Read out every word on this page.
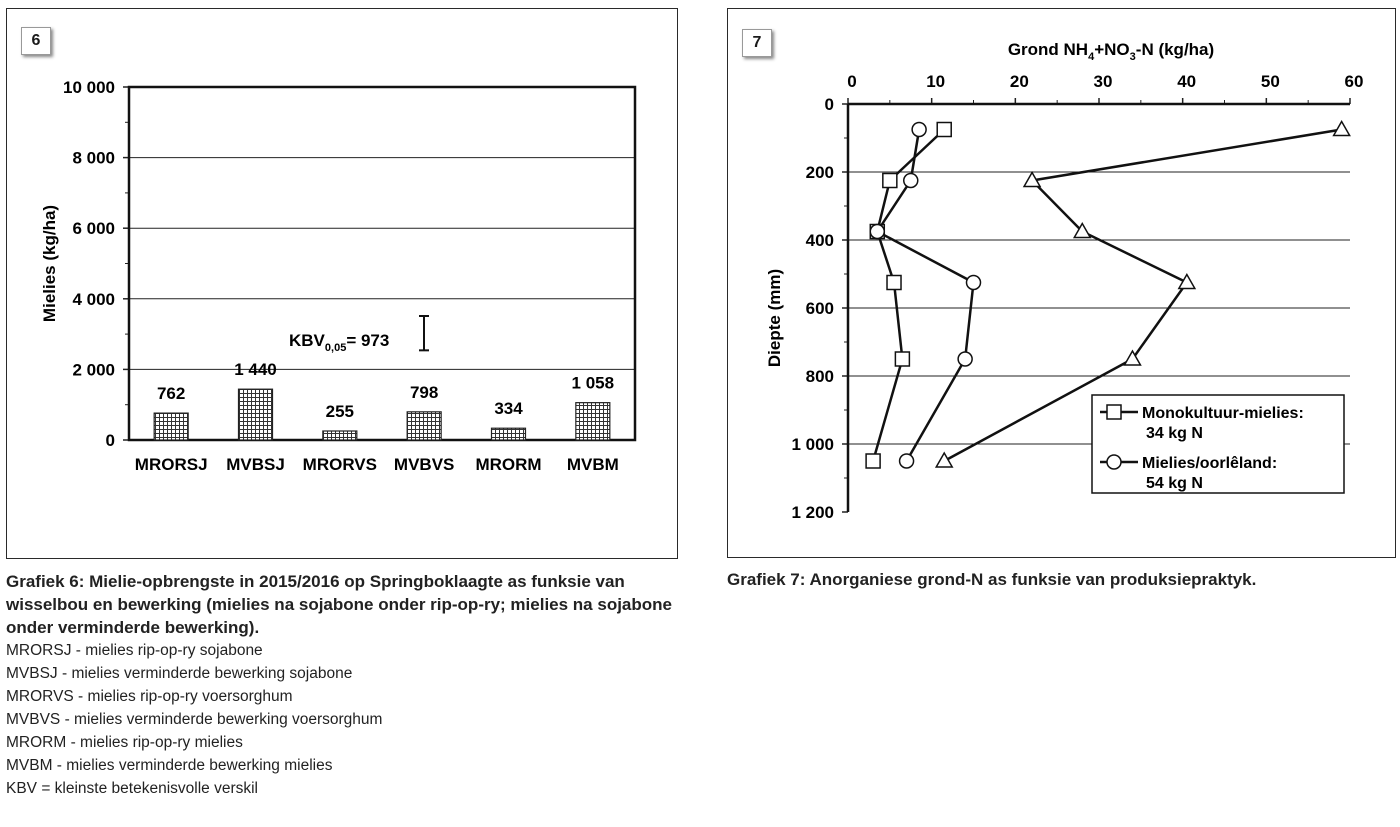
6
0
2 000
4 000
6 000
8 000
10 000
Mielies (kg/ha)
762
MRORSJ
1 440
MVBSJ
255
MRORVS
798
MVBVS
334
MRORM
1 058
MVBM
$KBV_{0,05}= 973$
7	Grond $NH_4+NO_3-N$ (kg/ha)
0	10	20	30	40	50	60
0
200
400
600
800
1 000
1 200
Diepte (mm)
Monokultuur-mielies:
34 kg N
Mielies/oorlêland:
54 kg N
Grafiek 6: Mielie-opbrengste in 2015/2016 op Springboklaagte as funksie van wisselbou en bewerking (mielies na sojabone onder rip-op-ry; mielies na sojabone onder verminderde bewerking).
MRORSJ - mielies rip-op-ry sojabone
MVBSJ - mielies verminderde bewerking sojabone
MRORVS - mielies rip-op-ry voersorghum
MVBVS - mielies verminderde bewerking voersorghum
MRORM - mielies rip-op-ry mielies
MVBM - mielies verminderde bewerking mielies
KBV = kleinste betekenisvolle verskil
Grafiek 7: Anorganiese grond-N as funksie van produksiepraktyk.
